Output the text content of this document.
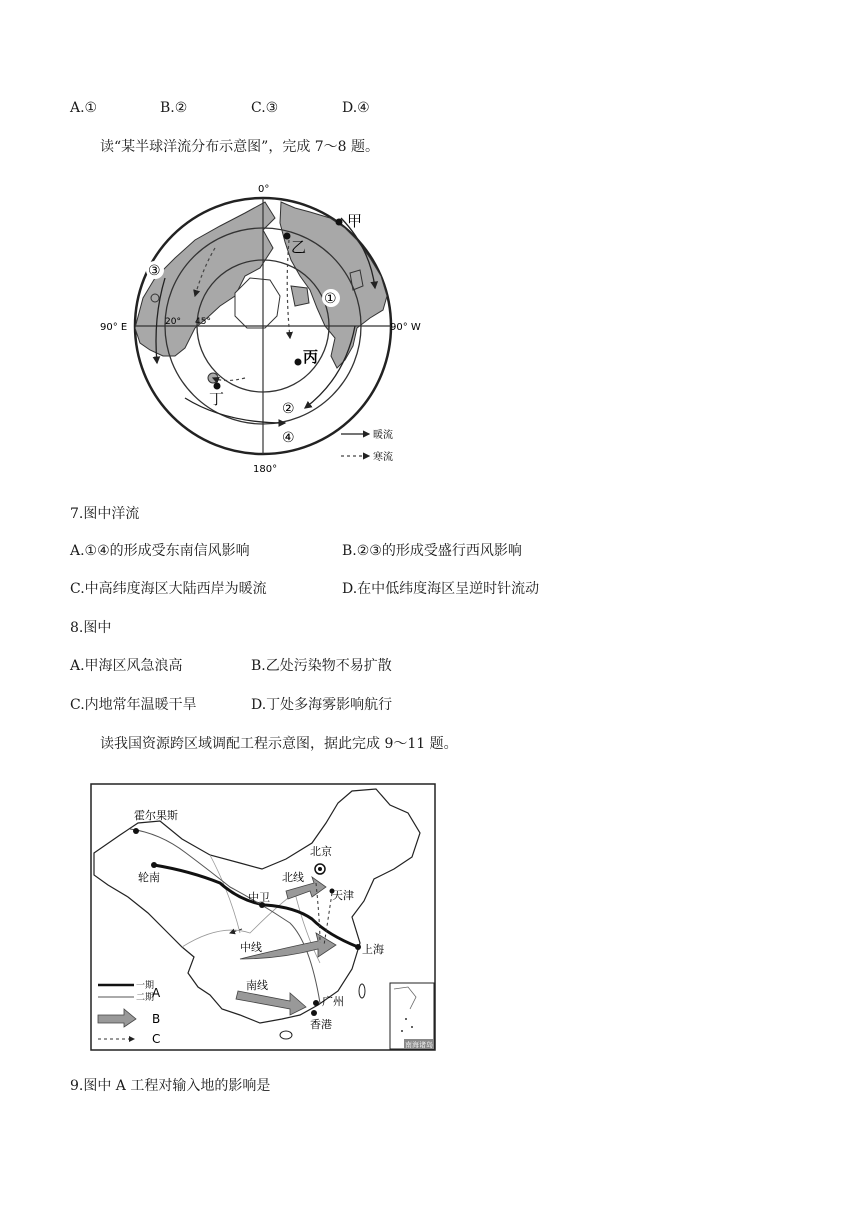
A.①	B.②	C.③	D.④
读“某半球洋流分布示意图”，完成 7～8 题。
0°
180°
90° E	90° W
20° 45°
甲
乙
丙
丁
①
②
③
④	暖流
寒流
7.图中洋流
A.①④的形成受东南信风影响	B.②③的形成受盛行西风影响
C.中高纬度海区大陆西岸为暖流	D.在中低纬度海区呈逆时针流动
8.图中
A.甲海区风急浪高	B.乙处污染物不易扩散
C.内地常年温暖干旱	D.丁处多海雾影响航行
读我国资源跨区域调配工程示意图，据此完成 9～11 题。
霍尔果斯
轮南
北京
天津
北线
中卫
中线	上海
南线
广州
香港
一期
二期
A
B
C	南海诸岛
9.图中 A 工程对输入地的影响是
